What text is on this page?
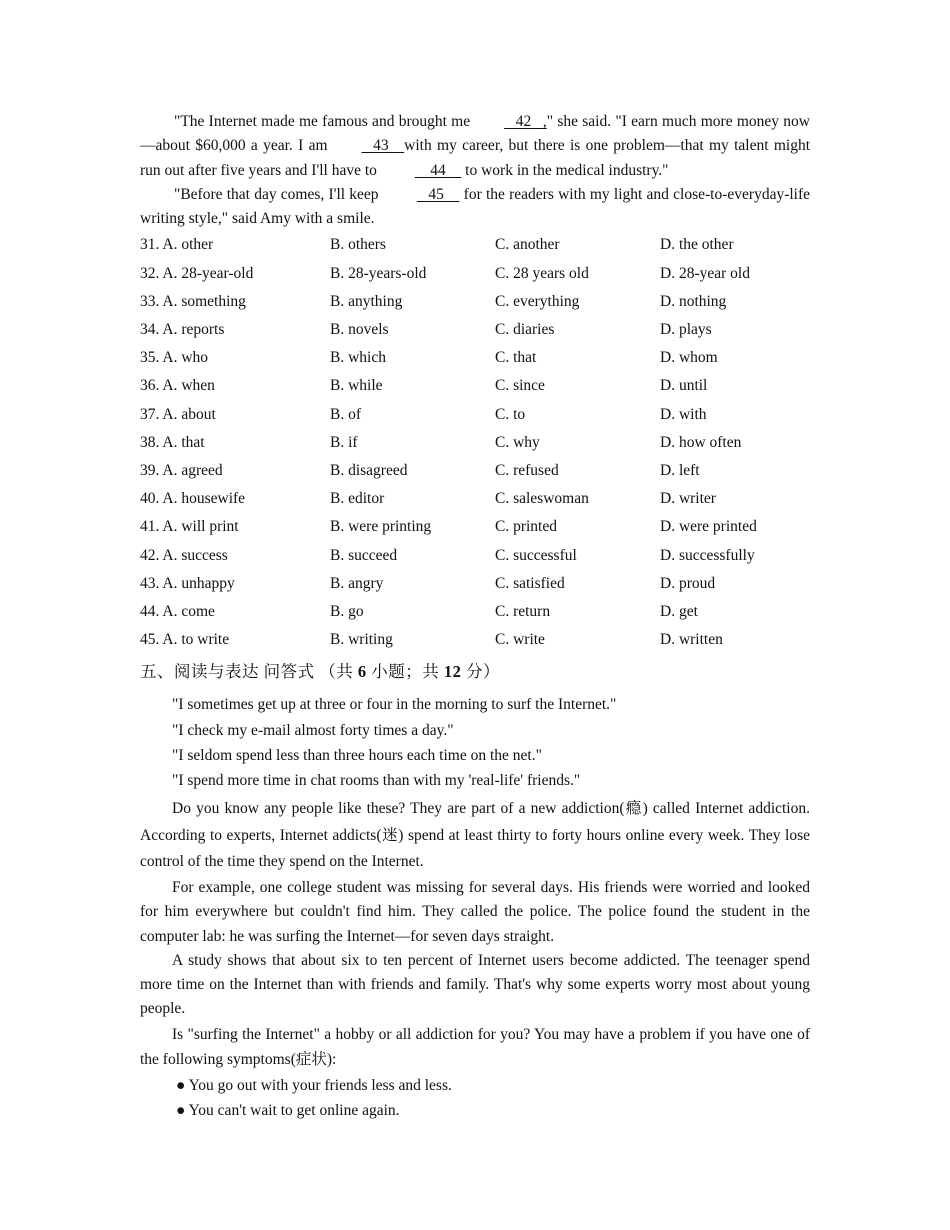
"The Internet made me famous and brought me   42   ," she said. "I earn much more money now—about $60,000 a year. I am   43    with my career, but there is one problem—that my talent might run out after five years and I'll have to     44     to work in the medical industry."

"Before that day comes, I'll keep    45     for the readers with my light and close-to-everyday-life writing style," said Amy with a smile.

31. A. other	B. others	C. another	D. the other
32. A. 28-year-old	B. 28-years-old	C. 28 years old	D. 28-year old
33. A. something	B. anything	C. everything	D. nothing
34. A. reports	B. novels	C. diaries	D. plays
35. A. who	B. which	C. that	D. whom
36. A. when	B. while	C. since	D. until
37. A. about	B. of	C. to	D. with
38. A. that	B. if	C. why	D. how often
39. A. agreed	B. disagreed	C. refused	D. left
40. A. housewife	B. editor	C. saleswoman	D. writer
41. A. will print	B. were printing	C. printed	D. were printed
42. A. success	B. succeed	C. successful	D. successfully
43. A. unhappy	B. angry	C. satisfied	D. proud
44. A. come	B. go	C. return	D. get
45. A. to write	B. writing	C. write	D. written
五、阅读与表达 问答式 （共 6 小题；共 12 分）

"I sometimes get up at three or four in the morning to surf the Internet."

"I check my e-mail almost forty times a day."

"I seldom spend less than three hours each time on the net."

"I spend more time in chat rooms than with my 'real-life' friends."

Do you know any people like these? They are part of a new addiction(瘾) called Internet addiction. According to experts, Internet addicts(迷) spend at least thirty to forty hours online every week. They lose control of the time they spend on the Internet.

For example, one college student was missing for several days. His friends were worried and looked for him everywhere but couldn't find him. They called the police. The police found the student in the computer lab: he was surfing the Internet—for seven days straight.

A study shows that about six to ten percent of Internet users become addicted. The teenager spend more time on the Internet than with friends and family. That's why some experts worry most about young people.

Is "surfing the Internet" a hobby or all addiction for you? You may have a problem if you have one of the following symptoms(症状):

● You go out with your friends less and less.

● You can't wait to get online again.
